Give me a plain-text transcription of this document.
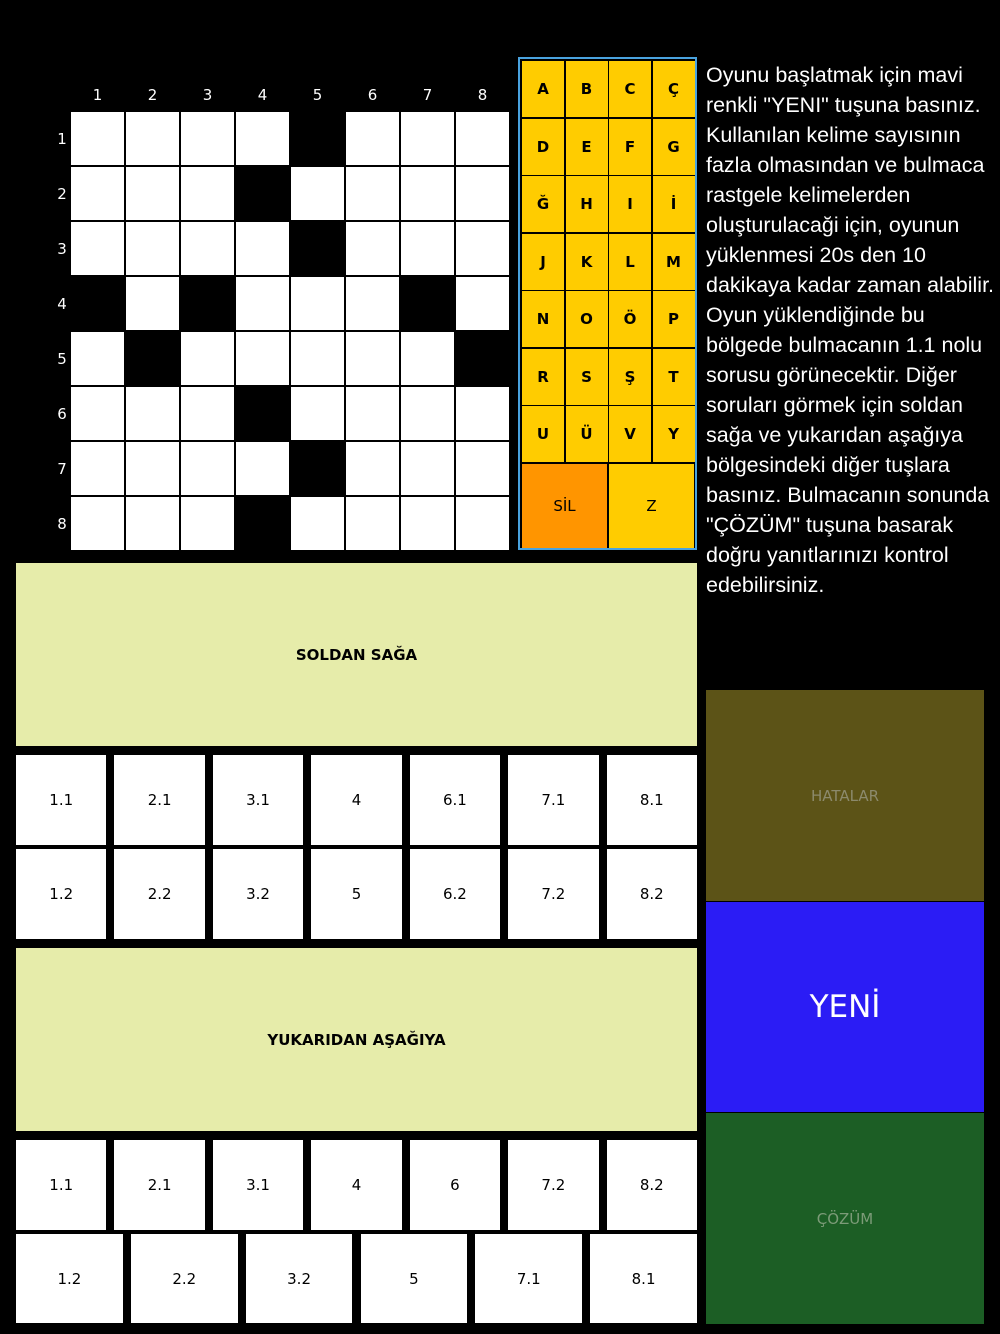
1	2	3	4	5	6	7	8
1
2
3
4
5
6
7
8
A	B	C	Ç
D	E	F	G
Ğ	H	I	İ
J	K	L	M
N	O	Ö	P
R	S	Ş	T
U	Ü	V	Y
SİL	Z
Oyunu başlatmak için mavi renkli "YENI" tuşuna basınız. Kullanılan kelime sayısının fazla olmasından ve bulmaca rastgele kelimelerden oluşturulacaği için, oyunun yüklenmesi 20s den 10 dakikaya kadar zaman alabilir. Oyun yüklendiğinde bu bölgede bulmacanın 1.1 nolu sorusu görünecektir. Diğer soruları görmek için soldan sağa ve yukarıdan aşağıya bölgesindeki diğer tuşlara basınız. Bulmacanın sonunda "ÇÖZÜM" tuşuna basarak doğru yanıtlarınızı kontrol edebilirsiniz.
SOLDAN SAĞA
1.1	2.1	3.1	4	6.1	7.1	8.1
1.2	2.2	3.2	5	6.2	7.2	8.2
YUKARIDAN AŞAĞIYA
1.1	2.1	3.1	4	6	7.2	8.2
1.2	2.2	3.2	5	7.1	8.1
HATALAR
YENİ
ÇÖZÜM
